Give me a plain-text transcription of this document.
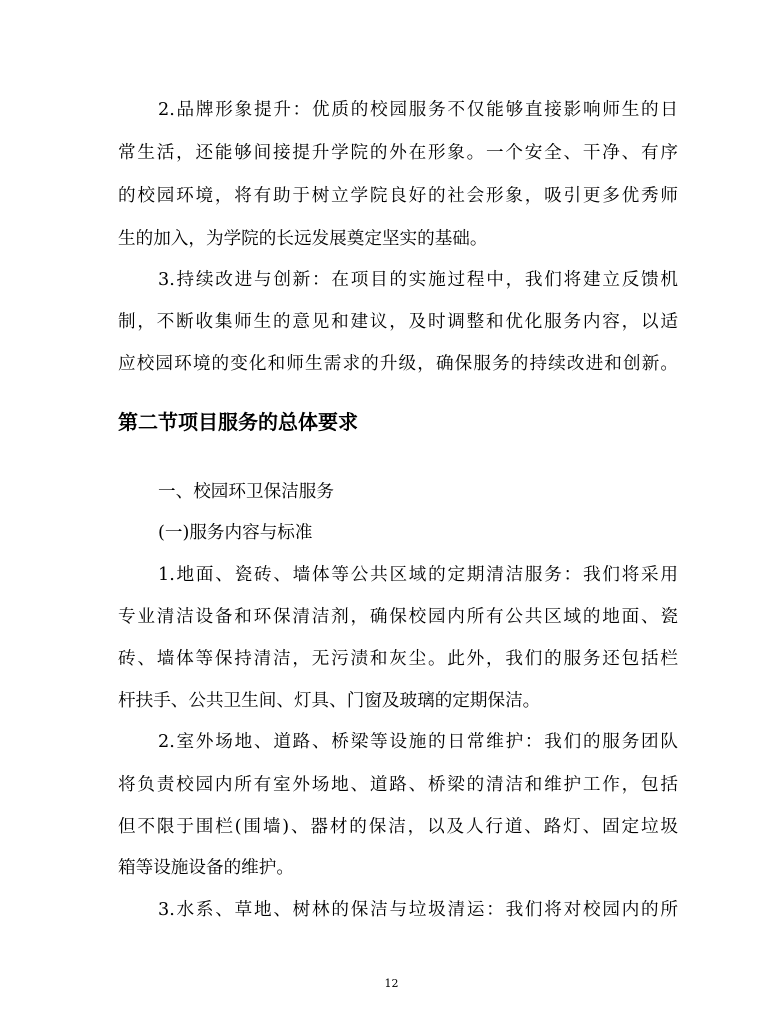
2.品牌形象提升：优质的校园服务不仅能够直接影响师生的日
常生活，还能够间接提升学院的外在形象。一个安全、干净、有序
的校园环境，将有助于树立学院良好的社会形象，吸引更多优秀师
生的加入，为学院的长远发展奠定坚实的基础。
3.持续改进与创新：在项目的实施过程中，我们将建立反馈机
制，不断收集师生的意见和建议，及时调整和优化服务内容，以适
应校园环境的变化和师生需求的升级，确保服务的持续改进和创新。
第二节项目服务的总体要求
一、校园环卫保洁服务
(一)服务内容与标准
1.地面、瓷砖、墙体等公共区域的定期清洁服务：我们将采用
专业清洁设备和环保清洁剂，确保校园内所有公共区域的地面、瓷
砖、墙体等保持清洁，无污渍和灰尘。此外，我们的服务还包括栏
杆扶手、公共卫生间、灯具、门窗及玻璃的定期保洁。
2.室外场地、道路、桥梁等设施的日常维护：我们的服务团队
将负责校园内所有室外场地、道路、桥梁的清洁和维护工作，包括
但不限于围栏(围墙)、器材的保洁，以及人行道、路灯、固定垃圾
箱等设施设备的维护。
3.水系、草地、树林的保洁与垃圾清运：我们将对校园内的所
12
